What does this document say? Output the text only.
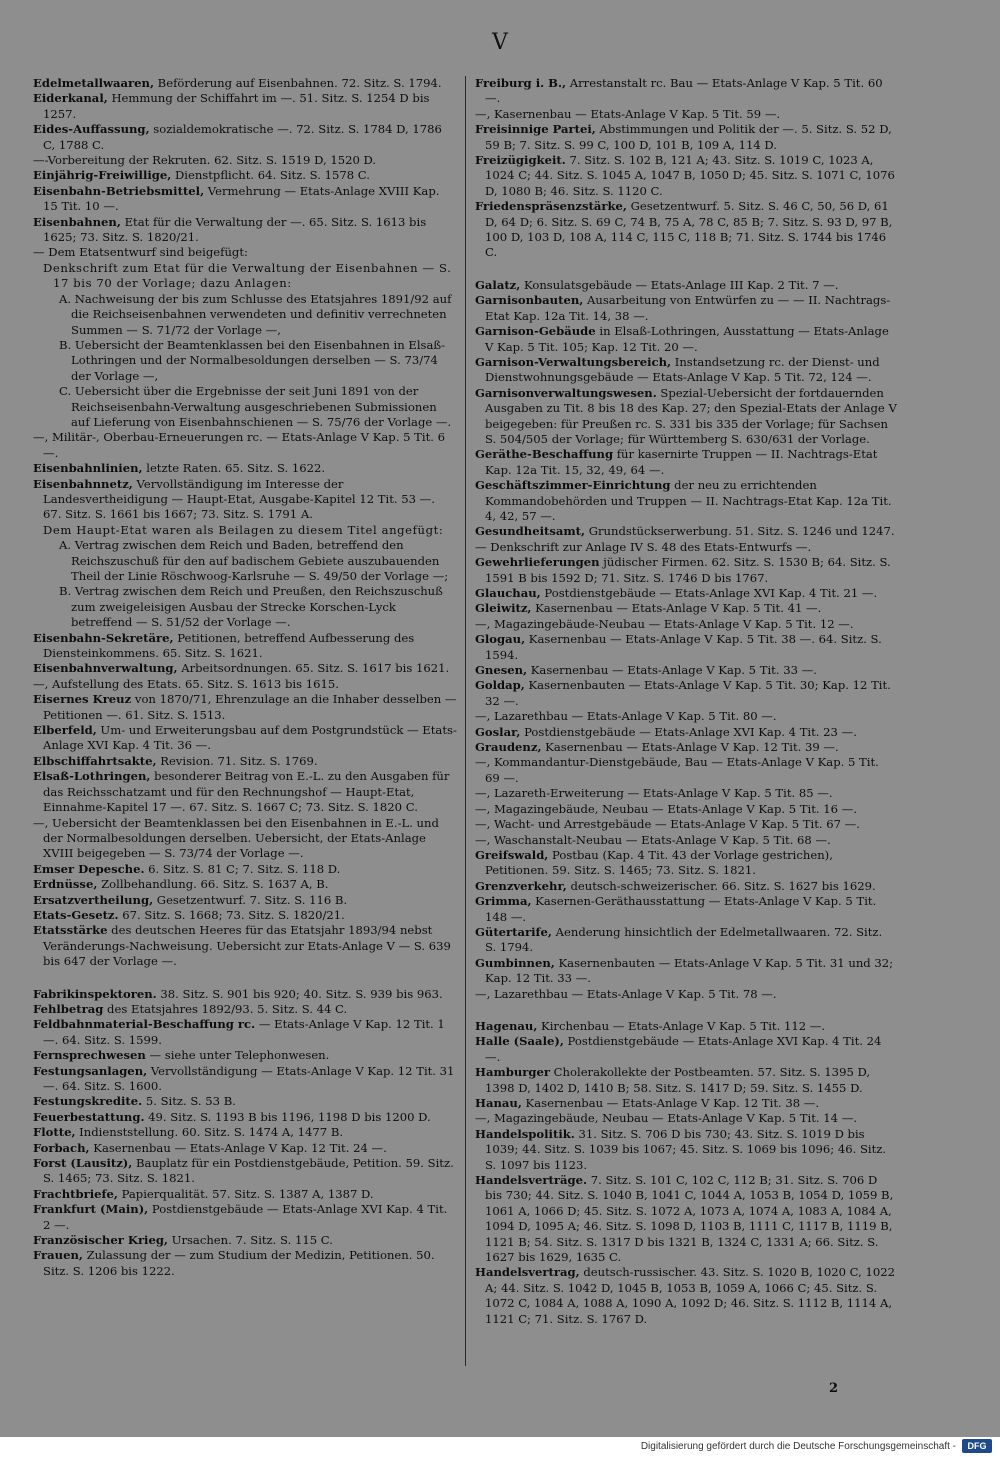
V

Edelmetallwaaren, Beförderung auf Eisenbahnen. 72. Sitz. S. 1794.

Eiderkanal, Hemmung der Schiffahrt im —. 51. Sitz. S. 1254 D bis 1257.

Eides-Auffassung, sozialdemokratische —. 72. Sitz. S. 1784 D, 1786 C, 1788 C.

—-Vorbereitung der Rekruten. 62. Sitz. S. 1519 D, 1520 D.

Einjährig-Freiwillige, Dienstpflicht. 64. Sitz. S. 1578 C.

Eisenbahn-Betriebsmittel, Vermehrung — Etats-Anlage XVIII Kap. 15 Tit. 10 —.

Eisenbahnen, Etat für die Verwaltung der —. 65. Sitz. S. 1613 bis 1625; 73. Sitz. S. 1820/21.

— Dem Etatsentwurf sind beigefügt:

Denkschrift zum Etat für die Verwaltung der Eisenbahnen — S. 17 bis 70 der Vorlage; dazu Anlagen:

A. Nachweisung der bis zum Schlusse des Etatsjahres 1891/92 auf die Reichseisenbahnen verwendeten und definitiv verrechneten Summen — S. 71/72 der Vorlage —,

B. Uebersicht der Beamtenklassen bei den Eisenbahnen in Elsaß-Lothringen und der Normalbesoldungen derselben — S. 73/74 der Vorlage —,

C. Uebersicht über die Ergebnisse der seit Juni 1891 von der Reichseisenbahn-Verwaltung ausgeschriebenen Submissionen auf Lieferung von Eisenbahnschienen — S. 75/76 der Vorlage —.

—, Militär-, Oberbau-Erneuerungen rc. — Etats-Anlage V Kap. 5 Tit. 6 —.

Eisenbahnlinien, letzte Raten. 65. Sitz. S. 1622.

Eisenbahnnetz, Vervollständigung im Interesse der Landesvertheidigung — Haupt-Etat, Ausgabe-Kapitel 12 Tit. 53 —. 67. Sitz. S. 1661 bis 1667; 73. Sitz. S. 1791 A.

Dem Haupt-Etat waren als Beilagen zu diesem Titel angefügt:

A. Vertrag zwischen dem Reich und Baden, betreffend den Reichszuschuß für den auf badischem Gebiete auszubauenden Theil der Linie Röschwoog-Karlsruhe — S. 49/50 der Vorlage —;

B. Vertrag zwischen dem Reich und Preußen, den Reichszuschuß zum zweigeleisigen Ausbau der Strecke Korschen-Lyck betreffend — S. 51/52 der Vorlage —.

Eisenbahn-Sekretäre, Petitionen, betreffend Aufbesserung des Diensteinkommens. 65. Sitz. S. 1621.

Eisenbahnverwaltung, Arbeitsordnungen. 65. Sitz. S. 1617 bis 1621.

—, Aufstellung des Etats. 65. Sitz. S. 1613 bis 1615.

Eisernes Kreuz von 1870/71, Ehrenzulage an die Inhaber desselben — Petitionen —. 61. Sitz. S. 1513.

Elberfeld, Um- und Erweiterungsbau auf dem Postgrundstück — Etats-Anlage XVI Kap. 4 Tit. 36 —.

Elbschiffahrtsakte, Revision. 71. Sitz. S. 1769.

Elsaß-Lothringen, besonderer Beitrag von E.-L. zu den Ausgaben für das Reichsschatzamt und für den Rechnungshof — Haupt-Etat, Einnahme-Kapitel 17 —. 67. Sitz. S. 1667 C; 73. Sitz. S. 1820 C.

—, Uebersicht der Beamtenklassen bei den Eisenbahnen in E.-L. und der Normalbesoldungen derselben. Uebersicht, der Etats-Anlage XVIII beigegeben — S. 73/74 der Vorlage —.

Emser Depesche. 6. Sitz. S. 81 C; 7. Sitz. S. 118 D.

Erdnüsse, Zollbehandlung. 66. Sitz. S. 1637 A, B.

Ersatzvertheilung, Gesetzentwurf. 7. Sitz. S. 116 B.

Etats-Gesetz. 67. Sitz. S. 1668; 73. Sitz. S. 1820/21.

Etatsstärke des deutschen Heeres für das Etatsjahr 1893/94 nebst Veränderungs-Nachweisung. Uebersicht zur Etats-Anlage V — S. 639 bis 647 der Vorlage —.

Fabrikinspektoren. 38. Sitz. S. 901 bis 920; 40. Sitz. S. 939 bis 963.

Fehlbetrag des Etatsjahres 1892/93. 5. Sitz. S. 44 C.

Feldbahnmaterial-Beschaffung rc. — Etats-Anlage V Kap. 12 Tit. 1 —. 64. Sitz. S. 1599.

Fernsprechwesen — siehe unter Telephonwesen.

Festungsanlagen, Vervollständigung — Etats-Anlage V Kap. 12 Tit. 31 —. 64. Sitz. S. 1600.

Festungskredite. 5. Sitz. S. 53 B.

Feuerbestattung. 49. Sitz. S. 1193 B bis 1196, 1198 D bis 1200 D.

Flotte, Indienststellung. 60. Sitz. S. 1474 A, 1477 B.

Forbach, Kasernenbau — Etats-Anlage V Kap. 12 Tit. 24 —.

Forst (Lausitz), Bauplatz für ein Postdienstgebäude, Petition. 59. Sitz. S. 1465; 73. Sitz. S. 1821.

Frachtbriefe, Papierqualität. 57. Sitz. S. 1387 A, 1387 D.

Frankfurt (Main), Postdienstgebäude — Etats-Anlage XVI Kap. 4 Tit. 2 —.

Französischer Krieg, Ursachen. 7. Sitz. S. 115 C.

Frauen, Zulassung der — zum Studium der Medizin, Petitionen. 50. Sitz. S. 1206 bis 1222.

Freiburg i. B., Arrestanstalt rc. Bau — Etats-Anlage V Kap. 5 Tit. 60 —.

—, Kasernenbau — Etats-Anlage V Kap. 5 Tit. 59 —.

Freisinnige Partei, Abstimmungen und Politik der —. 5. Sitz. S. 52 D, 59 B; 7. Sitz. S. 99 C, 100 D, 101 B, 109 A, 114 D.

Freizügigkeit. 7. Sitz. S. 102 B, 121 A; 43. Sitz. S. 1019 C, 1023 A, 1024 C; 44. Sitz. S. 1045 A, 1047 B, 1050 D; 45. Sitz. S. 1071 C, 1076 D, 1080 B; 46. Sitz. S. 1120 C.

Friedenspräsenzstärke, Gesetzentwurf. 5. Sitz. S. 46 C, 50, 56 D, 61 D, 64 D; 6. Sitz. S. 69 C, 74 B, 75 A, 78 C, 85 B; 7. Sitz. S. 93 D, 97 B, 100 D, 103 D, 108 A, 114 C, 115 C, 118 B; 71. Sitz. S. 1744 bis 1746 C.

Galatz, Konsulatsgebäude — Etats-Anlage III Kap. 2 Tit. 7 —.

Garnisonbauten, Ausarbeitung von Entwürfen zu — — II. Nachtrags-Etat Kap. 12a Tit. 14, 38 —.

Garnison-Gebäude in Elsaß-Lothringen, Ausstattung — Etats-Anlage V Kap. 5 Tit. 105; Kap. 12 Tit. 20 —.

Garnison-Verwaltungsbereich, Instandsetzung rc. der Dienst- und Dienstwohnungsgebäude — Etats-Anlage V Kap. 5 Tit. 72, 124 —.

Garnisonverwaltungswesen. Spezial-Uebersicht der fortdauernden Ausgaben zu Tit. 8 bis 18 des Kap. 27; den Spezial-Etats der Anlage V beigegeben: für Preußen rc. S. 331 bis 335 der Vorlage; für Sachsen S. 504/505 der Vorlage; für Württemberg S. 630/631 der Vorlage.

Geräthe-Beschaffung für kasernirte Truppen — II. Nachtrags-Etat Kap. 12a Tit. 15, 32, 49, 64 —.

Geschäftszimmer-Einrichtung der neu zu errichtenden Kommandobehörden und Truppen — II. Nachtrags-Etat Kap. 12a Tit. 4, 42, 57 —.

Gesundheitsamt, Grundstückserwerbung. 51. Sitz. S. 1246 und 1247.

— Denkschrift zur Anlage IV S. 48 des Etats-Entwurfs —.

Gewehrlieferungen jüdischer Firmen. 62. Sitz. S. 1530 B; 64. Sitz. S. 1591 B bis 1592 D; 71. Sitz. S. 1746 D bis 1767.

Glauchau, Postdienstgebäude — Etats-Anlage XVI Kap. 4 Tit. 21 —.

Gleiwitz, Kasernenbau — Etats-Anlage V Kap. 5 Tit. 41 —.

—, Magazingebäude-Neubau — Etats-Anlage V Kap. 5 Tit. 12 —.

Glogau, Kasernenbau — Etats-Anlage V Kap. 5 Tit. 38 —. 64. Sitz. S. 1594.

Gnesen, Kasernenbau — Etats-Anlage V Kap. 5 Tit. 33 —.

Goldap, Kasernenbauten — Etats-Anlage V Kap. 5 Tit. 30; Kap. 12 Tit. 32 —.

—, Lazarethbau — Etats-Anlage V Kap. 5 Tit. 80 —.

Goslar, Postdienstgebäude — Etats-Anlage XVI Kap. 4 Tit. 23 —.

Graudenz, Kasernenbau — Etats-Anlage V Kap. 12 Tit. 39 —.

—, Kommandantur-Dienstgebäude, Bau — Etats-Anlage V Kap. 5 Tit. 69 —.

—, Lazareth-Erweiterung — Etats-Anlage V Kap. 5 Tit. 85 —.

—, Magazingebäude, Neubau — Etats-Anlage V Kap. 5 Tit. 16 —.

—, Wacht- und Arrestgebäude — Etats-Anlage V Kap. 5 Tit. 67 —.

—, Waschanstalt-Neubau — Etats-Anlage V Kap. 5 Tit. 68 —.

Greifswald, Postbau (Kap. 4 Tit. 43 der Vorlage gestrichen), Petitionen. 59. Sitz. S. 1465; 73. Sitz. S. 1821.

Grenzverkehr, deutsch-schweizerischer. 66. Sitz. S. 1627 bis 1629.

Grimma, Kasernen-Geräthausstattung — Etats-Anlage V Kap. 5 Tit. 148 —.

Gütertarife, Aenderung hinsichtlich der Edelmetallwaaren. 72. Sitz. S. 1794.

Gumbinnen, Kasernenbauten — Etats-Anlage V Kap. 5 Tit. 31 und 32; Kap. 12 Tit. 33 —.

—, Lazarethbau — Etats-Anlage V Kap. 5 Tit. 78 —.

Hagenau, Kirchenbau — Etats-Anlage V Kap. 5 Tit. 112 —.

Halle (Saale), Postdienstgebäude — Etats-Anlage XVI Kap. 4 Tit. 24 —.

Hamburger Cholerakollekte der Postbeamten. 57. Sitz. S. 1395 D, 1398 D, 1402 D, 1410 B; 58. Sitz. S. 1417 D; 59. Sitz. S. 1455 D.

Hanau, Kasernenbau — Etats-Anlage V Kap. 12 Tit. 38 —.

—, Magazingebäude, Neubau — Etats-Anlage V Kap. 5 Tit. 14 —.

Handelspolitik. 31. Sitz. S. 706 D bis 730; 43. Sitz. S. 1019 D bis 1039; 44. Sitz. S. 1039 bis 1067; 45. Sitz. S. 1069 bis 1096; 46. Sitz. S. 1097 bis 1123.

Handelsverträge. 7. Sitz. S. 101 C, 102 C, 112 B; 31. Sitz. S. 706 D bis 730; 44. Sitz. S. 1040 B, 1041 C, 1044 A, 1053 B, 1054 D, 1059 B, 1061 A, 1066 D; 45. Sitz. S. 1072 A, 1073 A, 1074 A, 1083 A, 1084 A, 1094 D, 1095 A; 46. Sitz. S. 1098 D, 1103 B, 1111 C, 1117 B, 1119 B, 1121 B; 54. Sitz. S. 1317 D bis 1321 B, 1324 C, 1331 A; 66. Sitz. S. 1627 bis 1629, 1635 C.

Handelsvertrag, deutsch-russischer. 43. Sitz. S. 1020 B, 1020 C, 1022 A; 44. Sitz. S. 1042 D, 1045 B, 1053 B, 1059 A, 1066 C; 45. Sitz. S. 1072 C, 1084 A, 1088 A, 1090 A, 1092 D; 46. Sitz. S. 1112 B, 1114 A, 1121 C; 71. Sitz. S. 1767 D.

2
Digitalisierung gefördert durch die Deutsche Forschungsgemeinschaft -	DFG
